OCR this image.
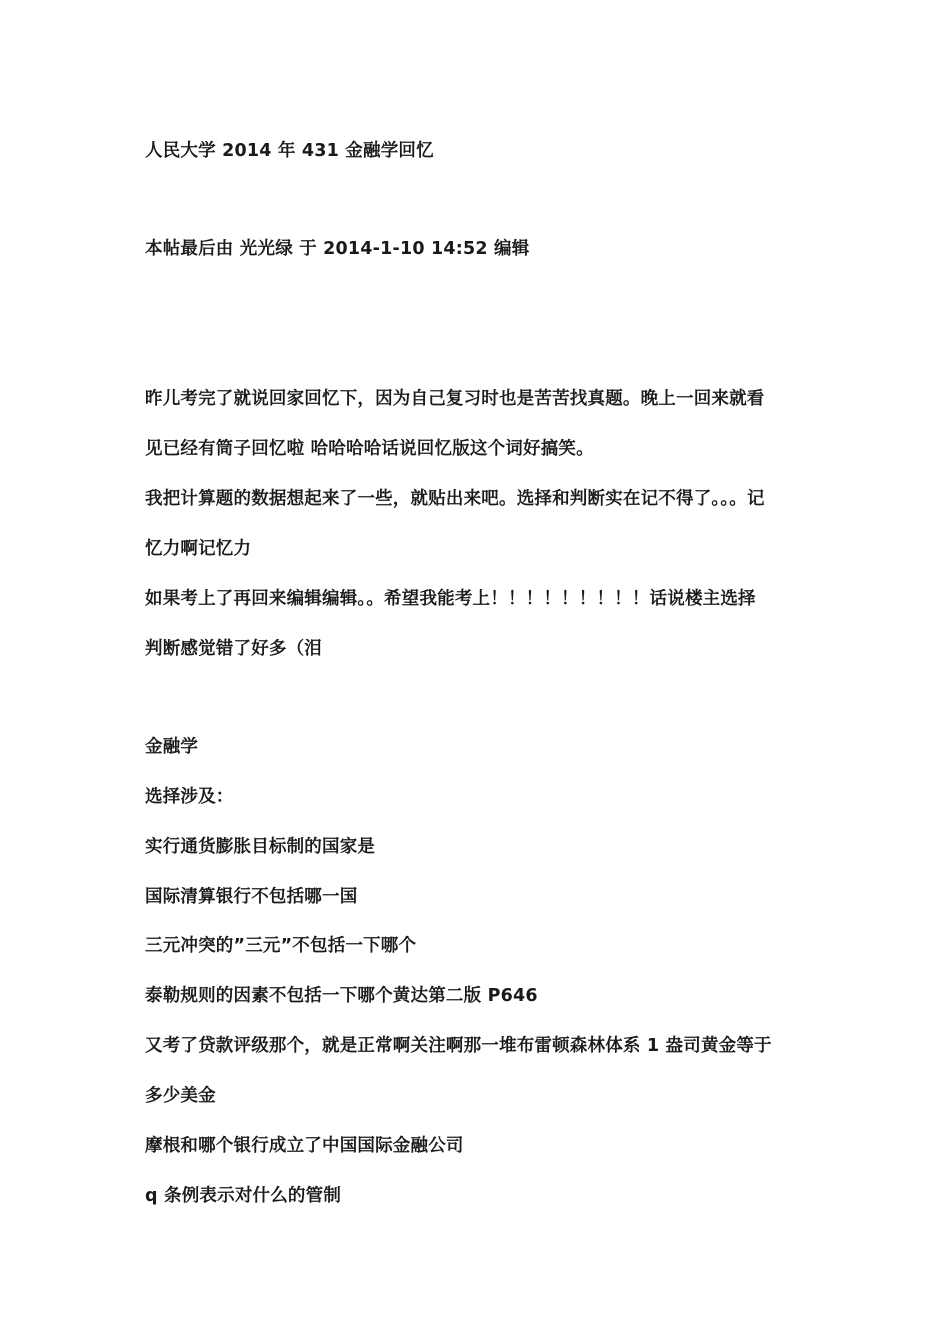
人民大学 2014 年 431 金融学回忆
本帖最后由 光光绿 于 2014-1-10 14:52 编辑
昨儿考完了就说回家回忆下，因为自己复习时也是苦苦找真题。晚上一回来就看
见已经有筒子回忆啦 哈哈哈哈话说回忆版这个词好搞笑。
我把计算题的数据想起来了一些，就贴出来吧。选择和判断实在记不得了。。。记
忆力啊记忆力
如果考上了再回来编辑编辑。。希望我能考上！！！！！！！！！话说楼主选择
判断感觉错了好多（泪
金融学
选择涉及：
实行通货膨胀目标制的国家是
国际清算银行不包括哪一国
三元冲突的”三元”不包括一下哪个
泰勒规则的因素不包括一下哪个黄达第二版 P646
又考了贷款评级那个，就是正常啊关注啊那一堆布雷顿森林体系 1 盎司黄金等于
多少美金
摩根和哪个银行成立了中国国际金融公司
q 条例表示对什么的管制
